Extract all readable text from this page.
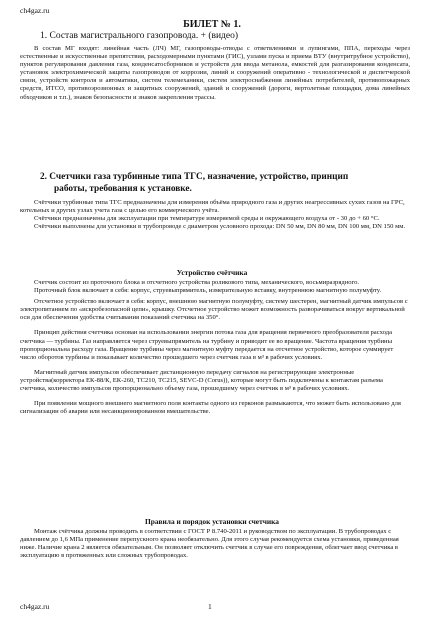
ch4gaz.ru
БИЛЕТ № 1.
1. Состав магистрального газопровода. + (видео)
В состав МГ входят: линейная часть (ЛЧ) МГ, газопроводы-отводы с ответвлениями и лупингами, ППА, переходы через естественные и искусственные препятствия, расходомерными пунктами (ГИС), узлами пуска и приема ВТУ (внутритрубное устройство), пунктов регулирования давления газа, конденсатосборников и устройств для ввода метанола, емкостей для разгазирования конденсата, установок электрохимической защиты газопроводов от коррозии, линий и сооружений оперативно - технологической и диспетчерской связи, устройств контроля и автоматики, систем телемеханики, систем электроснабжения линейных потребителей, противопожарных средств, ИТСО, противоэрозионных и защитных сооружений, зданий и сооружений (дороги, вертолетные площадки, дома линейных обходчиков и т.п.), знаков безопасности и знаков закрепления трассы.
2. Счетчики газа турбинные типа ТГС, назначение, устройство, принцип
работы, требования к установке.

Счётчики турбинные типа ТГС предназначены для измерения объёма природного газа и других неагрессивных сухих газов на ГРС, котельных и других узлах учета газа с целью его коммерческого учёта.

Счётчики предназначены для эксплуатации при температуре измеряемой среды и окружающего воздуха от - 30 до + 60 °С.

Счётчики выполнены для установки в трубопроводе с диаметром условного прохода: DN 50 мм, DN 80 мм, DN 100 мм, DN 150 мм.

Устройство счётчика

Счетчик состоит из проточного блока и отсчетного устройства роликового типа, механического, восьмиразрядного.

Проточный блок включает в себя: корпус, струевыпрямитель, измерительную вставку, внутреннюю магнитную полумуфту.

Отсчетное устройство включает в себя: корпус, внешнюю магнитную полумуфту, систему шестерен, магнитный датчик импульсов с электропитанием по «искробезопасной цепи», крышку. Отсчетное устройство может возможность разворачиваться вокруг вертикальной оси для обеспечения удобства считывания показаний счетчика на 350°.

Принцип действия счетчика основан на использовании энергии потока газа для вращения первичного преобразователя расхода счетчика — турбины. Газ направляется через струевыпрямитель на турбину и приводит ее во вращение. Частота вращения турбины пропорциональна расходу газа. Вращение турбины через магнитную муфту передается на отсчетное устройство, которое суммирует число оборотов турбины и показывает количество прошедшего через счетчик газа в м³ в рабочих условиях.

Магнитный датчик импульсов обеспечивает дистанционную передачу сигналов на регистрирующие электронные устройства(корректора ЕК-88/К, ЕК-260, TC210, TC215, SEVC-D (Corus)), которые могут быть подключены к контактам разъема счетчика, количество импульсов пропорционально объему газа, прошедшему через счетчик в м³ в рабочих условиях.

При появлении мощного внешнего магнитного поля контакты одного из герконов размыкаются, что может быть использовано для сигнализации об аварии или несанкционированном вмешательстве.

Правила и порядок установки счетчика
Монтаж счётчика должны проводить в соответствии с ГОСТ Р 8.740-2011 и руководством по эксплуатации. В трубопроводах с давлением до 1,6 МПа применение перепускного крана необязательно. Для этого случая рекомендуется схема установки, приведенная ниже. Наличие крана 2 является обязательным. Он позволяет отключить счетчик в случае его повреждения, облегчает ввод счетчика в эксплуатацию в протяженных или сложных трубопроводах.
ch4gaz.ru	1
